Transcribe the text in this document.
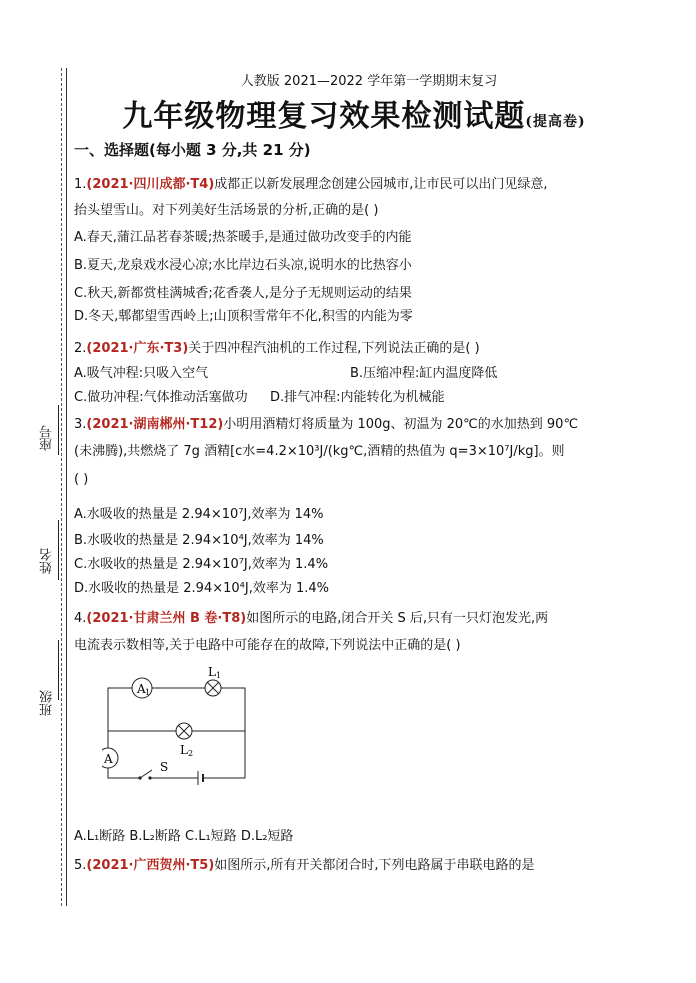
座号
姓名
班级
人教版 2021—2022 学年第一学期期末复习
九年级物理复习效果检测试题(提高卷)
一、选择题(每小题 3 分,共 21 分)
1.(2021·四川成都·T4)成都正以新发展理念创建公园城市,让市民可以出门见绿意,
抬头望雪山。对下列美好生活场景的分析,正确的是( )
A.春天,蒲江品茗春茶暖;热茶暖手,是通过做功改变手的内能
B.夏天,龙泉戏水浸心凉;水比岸边石头凉,说明水的比热容小
C.秋天,新都赏桂满城香;花香袭人,是分子无规则运动的结果
D.冬天,郫都望雪西岭上;山顶积雪常年不化,积雪的内能为零
2.(2021·广东·T3)关于四冲程汽油机的工作过程,下列说法正确的是( )
A.吸气冲程:只吸入空气	B.压缩冲程:缸内温度降低
C.做功冲程:气体推动活塞做功	D.排气冲程:内能转化为机械能
3.(2021·湖南郴州·T12)小明用酒精灯将质量为 100g、初温为 20℃的水加热到 90℃
(未沸腾),共燃烧了 7g 酒精[c水=4.2×10³J/(kg℃,酒精的热值为 q=3×10⁷J/kg]。则
( )
A.水吸收的热量是 2.94×10⁷J,效率为 14%
B.水吸收的热量是 2.94×10⁴J,效率为 14%
C.水吸收的热量是 2.94×10⁷J,效率为 1.4%
D.水吸收的热量是 2.94×10⁴J,效率为 1.4%
4.(2021·甘肃兰州 B 卷·T8)如图所示的电路,闭合开关 S 后,只有一只灯泡发光,两
电流表示数相等,关于电路中可能存在的故障,下列说法中正确的是( )
A 1
L 1
L 2
A
S
A.L₁断路 B.L₂断路 C.L₁短路 D.L₂短路
5.(2021·广西贺州·T5)如图所示,所有开关都闭合时,下列电路属于串联电路的是
